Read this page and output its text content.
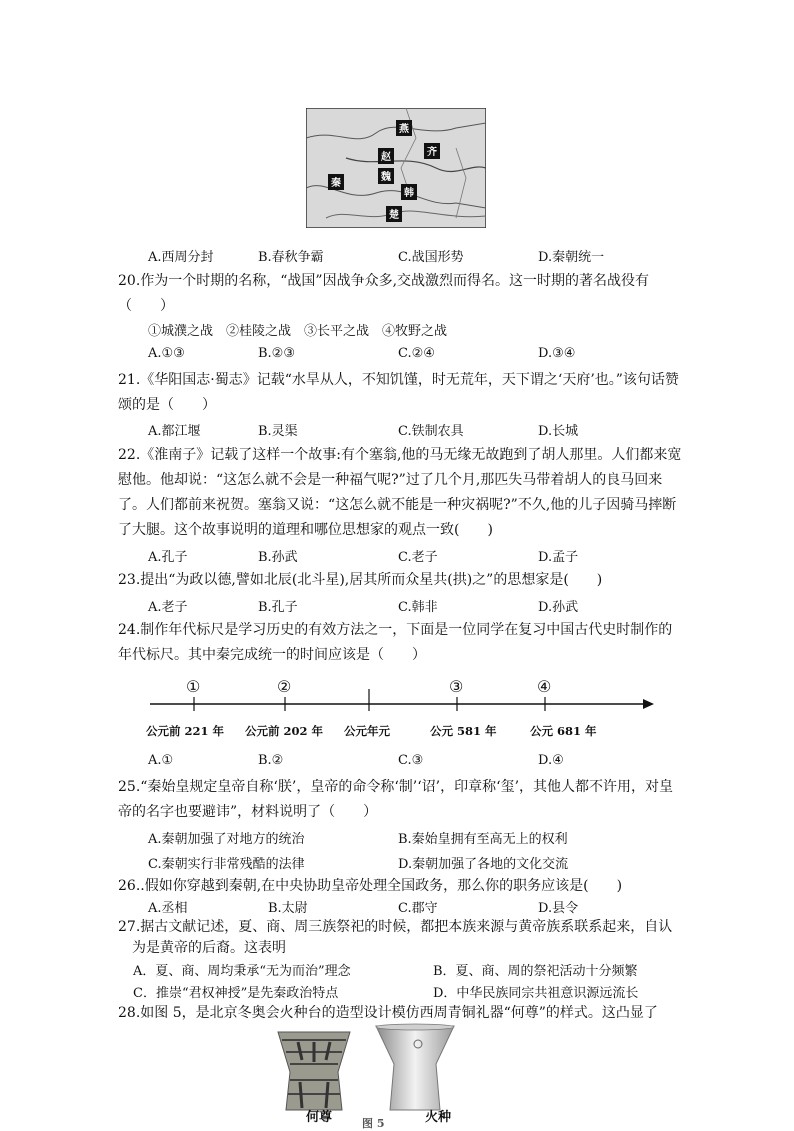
燕
齐
赵
魏
秦
韩
楚
A.西周分封	B.春秋争霸	C.战国形势	D.秦朝统一
20.作为一个时期的名称，“战国”因战争众多,交战激烈而得名。这一时期的著名战役有（　　）
①城濮之战　②桂陵之战　③长平之战　④牧野之战
A.①③	B.②③	C.②④	D.③④
21.《华阳国志·蜀志》记载“水旱从人，不知饥馑，时无荒年，天下谓之‘天府’也。”该句话赞颂的是（　　）
A.都江堰	B.灵渠	C.铁制农具	D.长城
22.《淮南子》记载了这样一个故事:有个塞翁,他的马无缘无故跑到了胡人那里。人们都来宽慰他。他却说：“这怎么就不会是一种福气呢?”过了几个月,那匹失马带着胡人的良马回来了。人们都前来祝贺。塞翁又说：“这怎么就不能是一种灾祸呢?”不久,他的儿子因骑马摔断了大腿。这个故事说明的道理和哪位思想家的观点一致(　　)
A.孔子	B.孙武	C.老子	D.孟子
23.提出“为政以德,譬如北辰(北斗星),居其所而众星共(拱)之”的思想家是(　　)
A.老子	B.孔子	C.韩非	D.孙武
24.制作年代标尺是学习历史的有效方法之一，下面是一位同学在复习中国古代史时制作的年代标尺。其中秦完成统一的时间应该是（　　）
①	②	③	④
公元前 221 年 公元前 202 年 公元年元	公元 581 年	公元 681 年
A.①	B.②	C.③	D.④
25.“秦始皇规定皇帝自称‘朕’，皇帝的命令称‘制’‘诏’，印章称‘玺’，其他人都不许用，对皇帝的名字也要避讳”，材料说明了（　　）
A.秦朝加强了对地方的统治	B.秦始皇拥有至高无上的权利
C.秦朝实行非常残酷的法律	D.秦朝加强了各地的文化交流
26..假如你穿越到秦朝,在中央协助皇帝处理全国政务，那么你的职务应该是(　　)
A.丞相	B.太尉	C.郡守	D.县令
27.据古文献记述，夏、商、周三族祭祀的时候，都把本族来源与黄帝族系联系起来，自认
为是黄帝的后裔。这表明
A．夏、商、周均秉承“无为而治”理念	B．夏、商、周的祭祀活动十分频繁
C．推崇“君权神授”是先秦政治特点	D．中华民族同宗共祖意识源远流长
28.如图 5，是北京冬奥会火种台的造型设计模仿西周青铜礼器“何尊”的样式。这凸显了
何尊	火种
图 5
